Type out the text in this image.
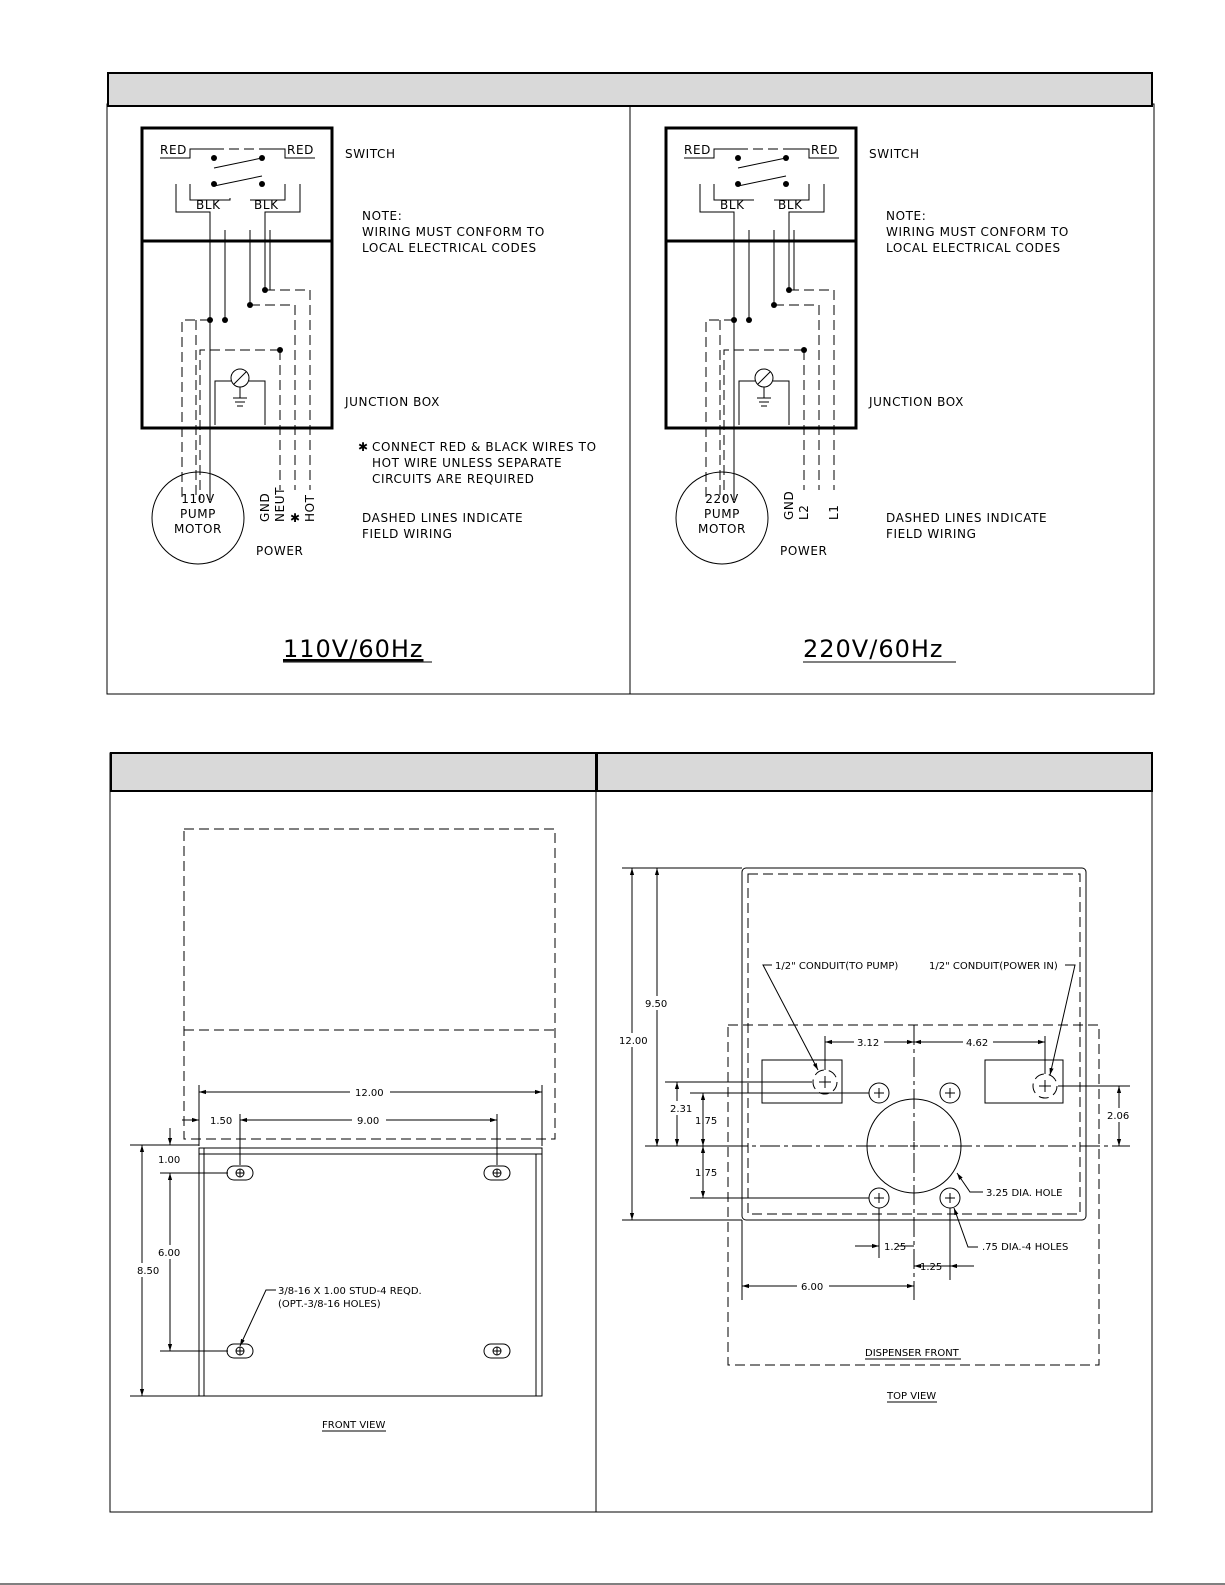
RED	RED
BLK	BLK
SWITCH
NOTE:
WIRING MUST CONFORM TO
LOCAL ELECTRICAL CODES
JUNCTION BOX
✱ CONNECT RED & BLACK WIRES TO
HOT WIRE UNLESS SEPARATE
CIRCUITS ARE REQUIRED
110V
PUMP
MOTOR
GND NEUT ✱ HOT
POWER
DASHED LINES INDICATE
FIELD WIRING
110V/60Hz
RED	RED
BLK	BLK
SWITCH
NOTE:
WIRING MUST CONFORM TO
LOCAL ELECTRICAL CODES
JUNCTION BOX
220V
PUMP
MOTOR
GND L2 L1
POWER
DASHED LINES INDICATE
FIELD WIRING
220V/60Hz
12.00
1.50	9.00
1.00
6.00
8.50
3/8-16 X 1.00 STUD-4 REQD.
(OPT.-3/8-16 HOLES)
FRONT VIEW
1/2" CONDUIT(TO PUMP)	1/2" CONDUIT(POWER IN)
9.50
12.00	3.12	4.62
2.31
1.75
1.75
2.06
3.25 DIA. HOLE
.75 DIA.-4 HOLES
1.25
1.25
6.00
DISPENSER FRONT
TOP VIEW
